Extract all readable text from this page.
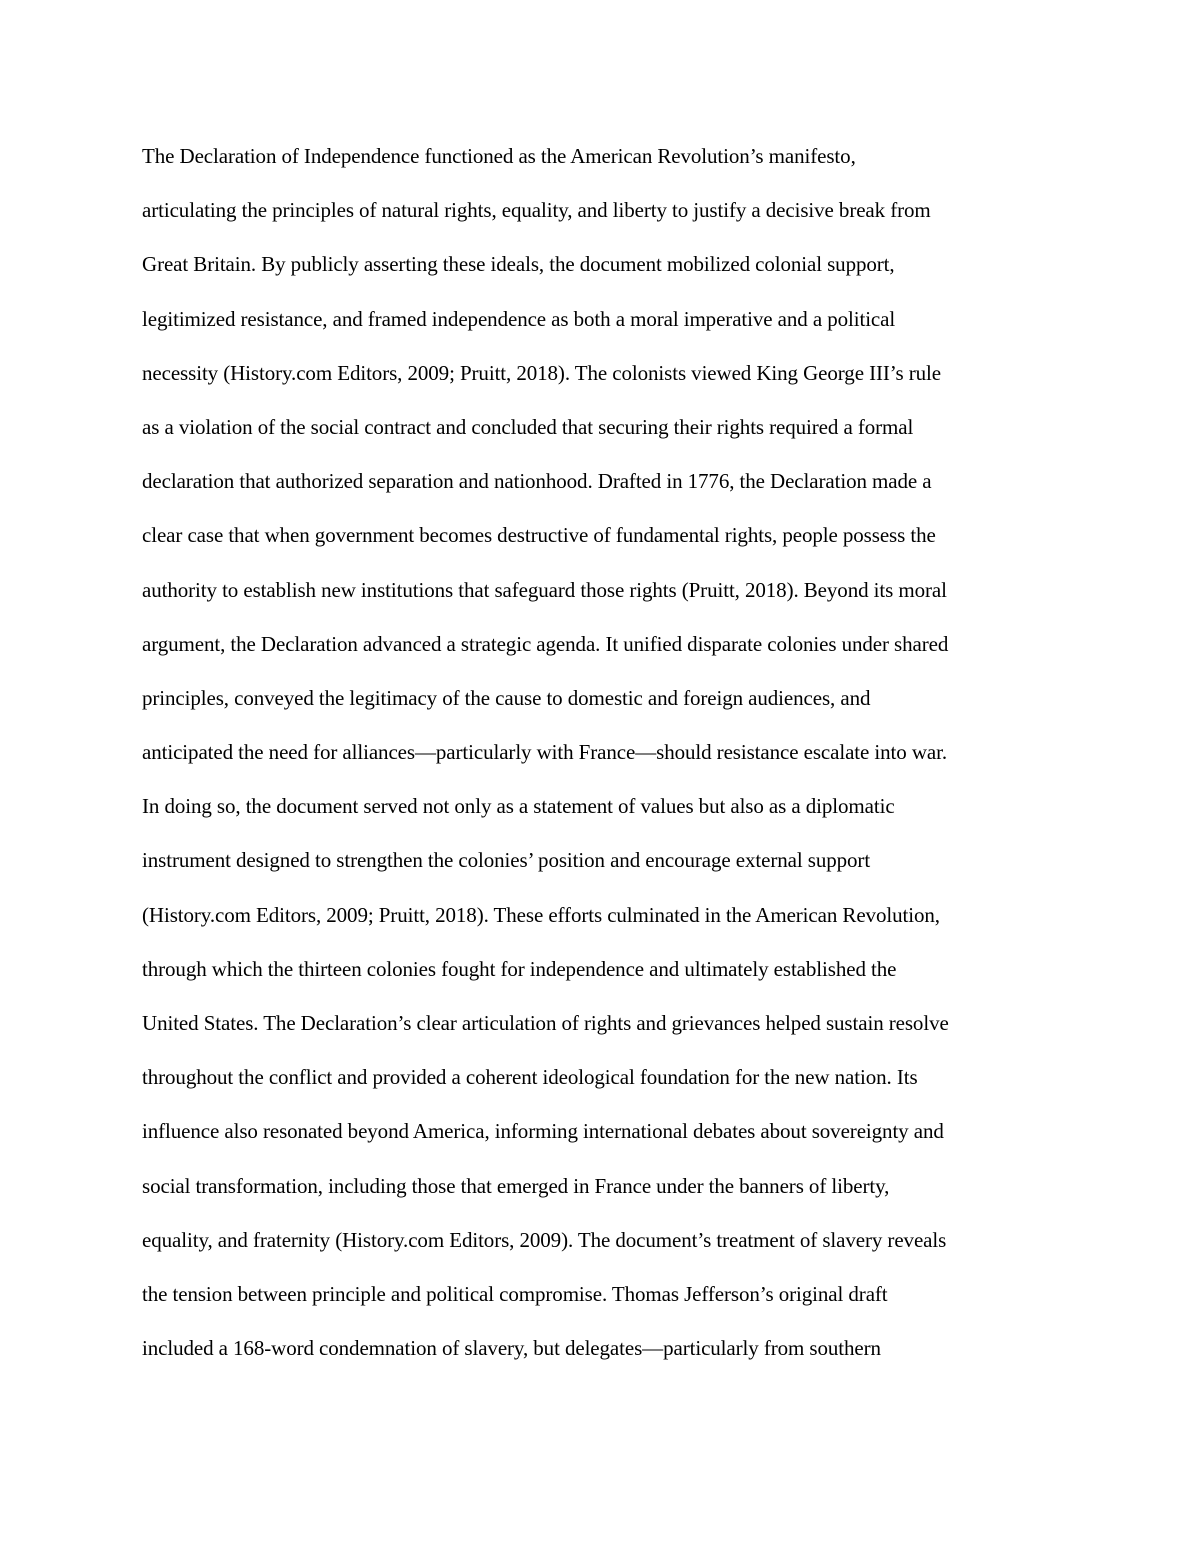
The Declaration of Independence functioned as the American Revolution’s manifesto,
articulating the principles of natural rights, equality, and liberty to justify a decisive break from
Great Britain. By publicly asserting these ideals, the document mobilized colonial support,
legitimized resistance, and framed independence as both a moral imperative and a political
necessity (History.com Editors, 2009; Pruitt, 2018). The colonists viewed King George III’s rule
as a violation of the social contract and concluded that securing their rights required a formal
declaration that authorized separation and nationhood. Drafted in 1776, the Declaration made a
clear case that when government becomes destructive of fundamental rights, people possess the
authority to establish new institutions that safeguard those rights (Pruitt, 2018). Beyond its moral
argument, the Declaration advanced a strategic agenda. It unified disparate colonies under shared
principles, conveyed the legitimacy of the cause to domestic and foreign audiences, and
anticipated the need for alliances—particularly with France—should resistance escalate into war.
In doing so, the document served not only as a statement of values but also as a diplomatic
instrument designed to strengthen the colonies’ position and encourage external support
(History.com Editors, 2009; Pruitt, 2018). These efforts culminated in the American Revolution,
through which the thirteen colonies fought for independence and ultimately established the
United States. The Declaration’s clear articulation of rights and grievances helped sustain resolve
throughout the conflict and provided a coherent ideological foundation for the new nation. Its
influence also resonated beyond America, informing international debates about sovereignty and
social transformation, including those that emerged in France under the banners of liberty,
equality, and fraternity (History.com Editors, 2009). The document’s treatment of slavery reveals
the tension between principle and political compromise. Thomas Jefferson’s original draft
included a 168-word condemnation of slavery, but delegates—particularly from southern
